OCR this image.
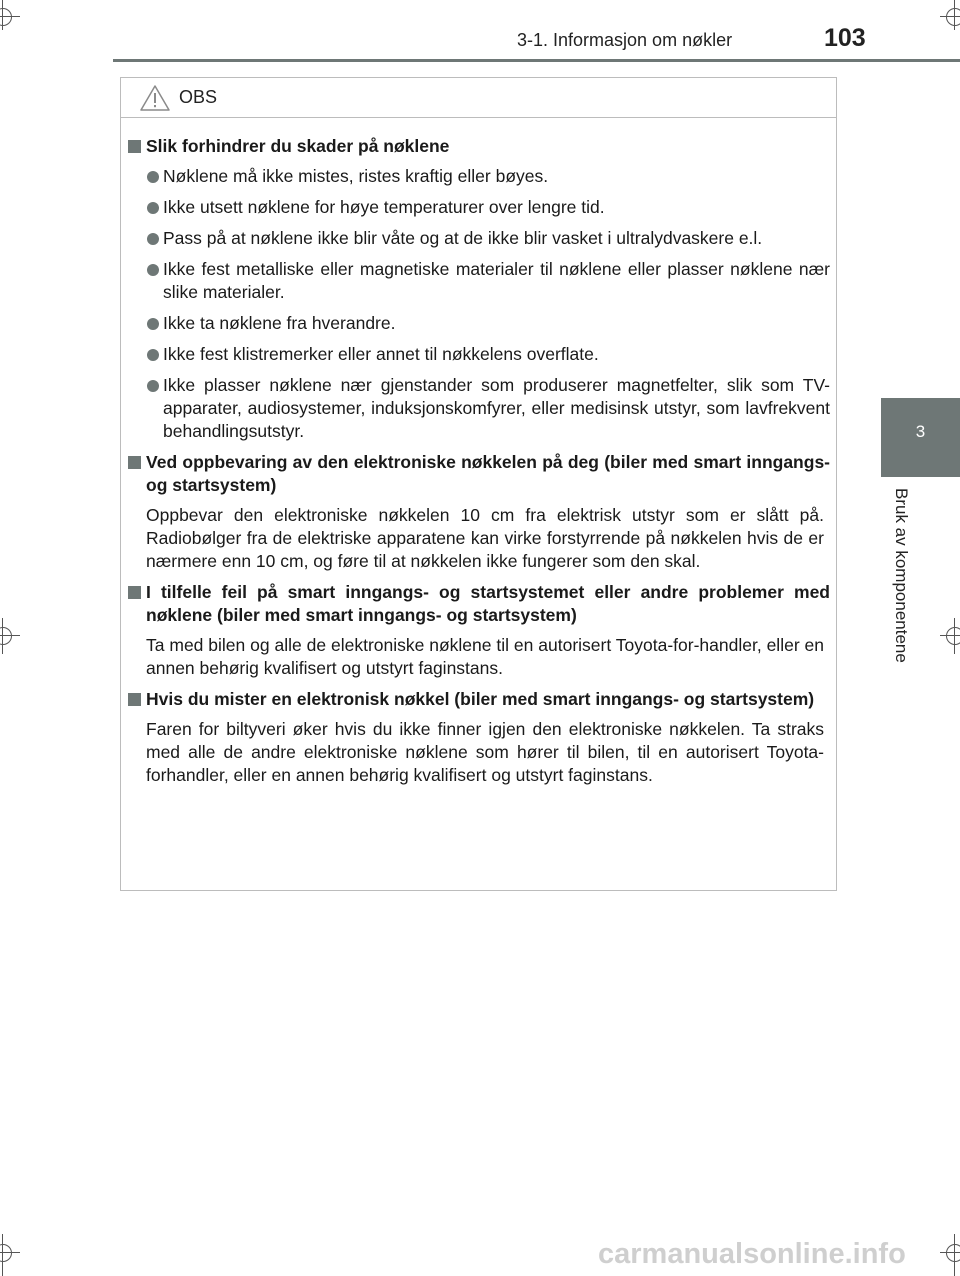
3-1. Informasjon om nøkler	103
3
Bruk av komponentene
OBS
Slik forhindrer du skader på nøklene
Nøklene må ikke mistes, ristes kraftig eller bøyes.
Ikke utsett nøklene for høye temperaturer over lengre tid.
Pass på at nøklene ikke blir våte og at de ikke blir vasket i ultralydvaskere e.l.
Ikke fest metalliske eller magnetiske materialer til nøklene eller plasser nøklene nær slike materialer.
Ikke ta nøklene fra hverandre.
Ikke fest klistremerker eller annet til nøkkelens overflate.
Ikke plasser nøklene nær gjenstander som produserer magnetfelter, slik som TV-apparater, audiosystemer, induksjonskomfyrer, eller medisinsk utstyr, som lavfrekvent behandlingsutstyr.
Ved oppbevaring av den elektroniske nøkkelen på deg (biler med smart inngangs- og startsystem)
Oppbevar den elektroniske nøkkelen 10 cm fra elektrisk utstyr som er slått på. Radiobølger fra de elektriske apparatene kan virke forstyrrende på nøkkelen hvis de er nærmere enn 10 cm, og føre til at nøkkelen ikke fungerer som den skal.
I tilfelle feil på smart inngangs- og startsystemet eller andre problemer med nøklene (biler med smart inngangs- og startsystem)
Ta med bilen og alle de elektroniske nøklene til en autorisert Toyota-for-handler, eller en annen behørig kvalifisert og utstyrt faginstans.
Hvis du mister en elektronisk nøkkel (biler med smart inngangs- og startsystem)
Faren for biltyveri øker hvis du ikke finner igjen den elektroniske nøkkelen. Ta straks med alle de andre elektroniske nøklene som hører til bilen, til en autorisert Toyota-forhandler, eller en annen behørig kvalifisert og utstyrt faginstans.
carmanualsonline.info
